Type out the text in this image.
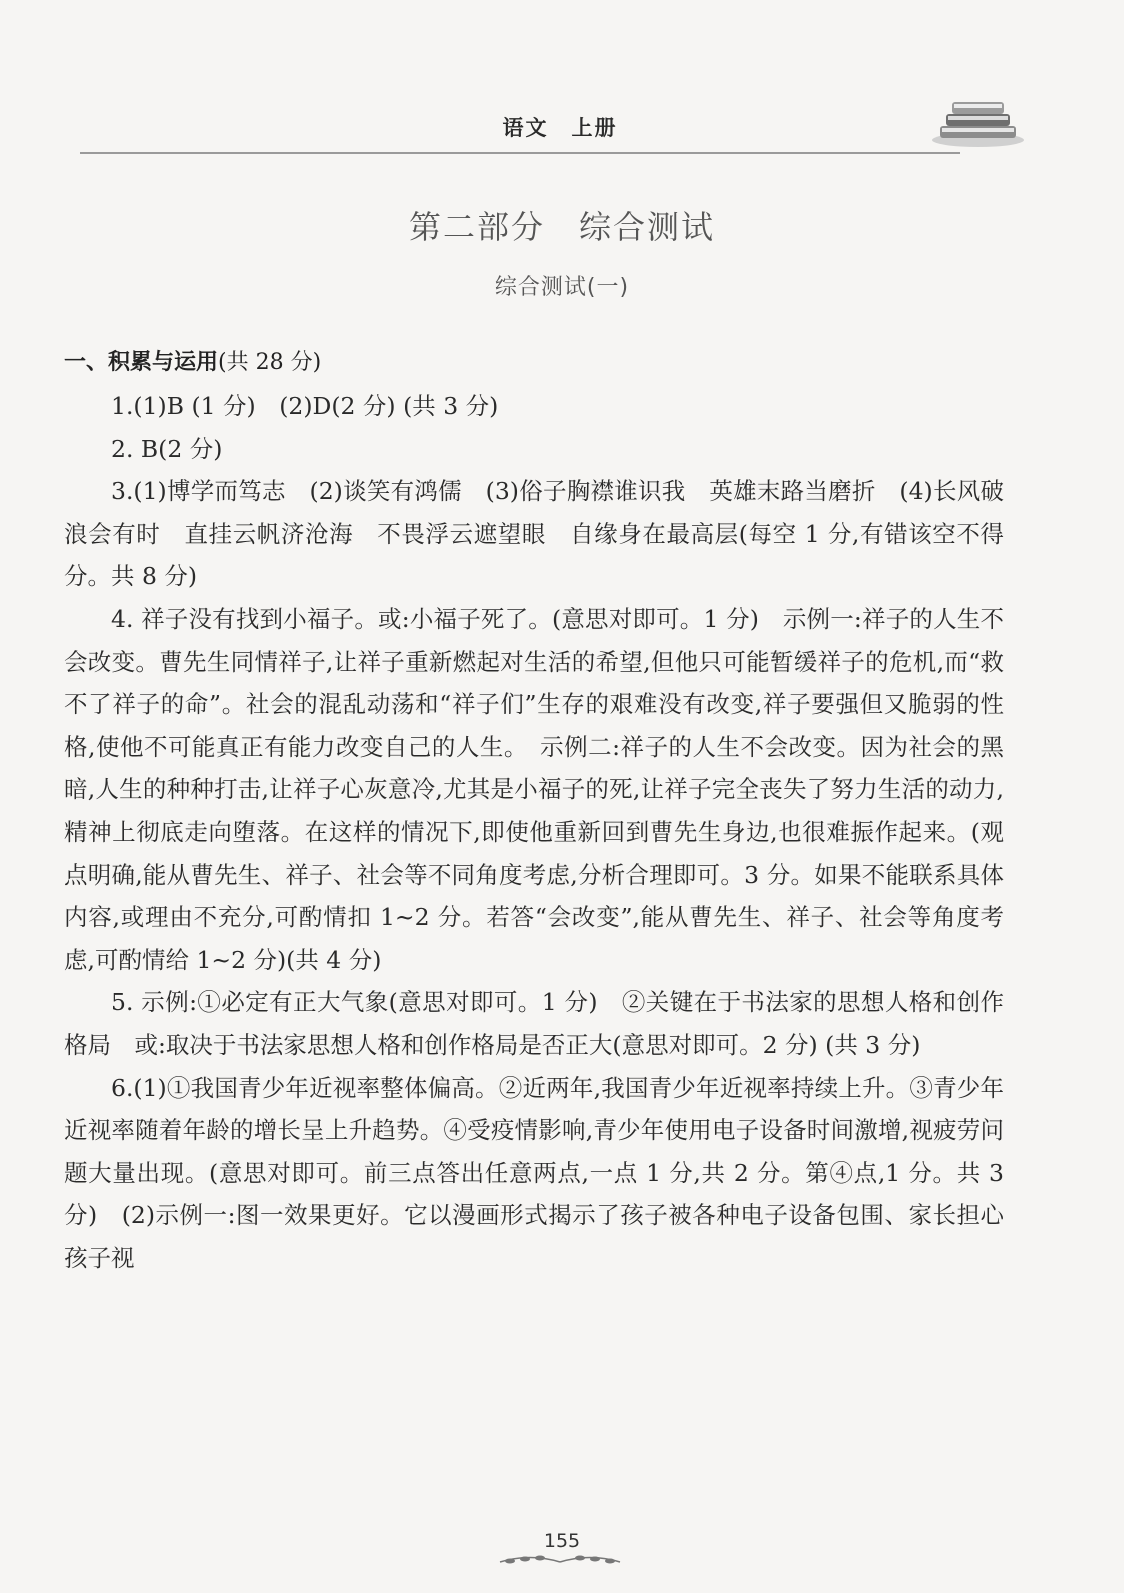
语文　上册
第二部分　综合测试
综合测试(一)
一、积累与运用(共 28 分)

1.(1)B (1 分)　(2)D(2 分) (共 3 分)

2. B(2 分)

3.(1)博学而笃志　(2)谈笑有鸿儒　(3)俗子胸襟谁识我　英雄末路当磨折　(4)长风破浪会有时　直挂云帆济沧海　不畏浮云遮望眼　自缘身在最高层(每空 1 分,有错该空不得分。共 8 分)

4. 祥子没有找到小福子。或:小福子死了。(意思对即可。1 分)　示例一:祥子的人生不会改变。曹先生同情祥子,让祥子重新燃起对生活的希望,但他只可能暂缓祥子的危机,而“救不了祥子的命”。社会的混乱动荡和“祥子们”生存的艰难没有改变,祥子要强但又脆弱的性格,使他不可能真正有能力改变自己的人生。　示例二:祥子的人生不会改变。因为社会的黑暗,人生的种种打击,让祥子心灰意冷,尤其是小福子的死,让祥子完全丧失了努力生活的动力,精神上彻底走向堕落。在这样的情况下,即使他重新回到曹先生身边,也很难振作起来。(观点明确,能从曹先生、祥子、社会等不同角度考虑,分析合理即可。3 分。如果不能联系具体内容,或理由不充分,可酌情扣 1~2 分。若答“会改变”,能从曹先生、祥子、社会等角度考虑,可酌情给 1~2 分)(共 4 分)

5. 示例:①必定有正大气象(意思对即可。1 分)　②关键在于书法家的思想人格和创作格局　或:取决于书法家思想人格和创作格局是否正大(意思对即可。2 分) (共 3 分)

6.(1)①我国青少年近视率整体偏高。②近两年,我国青少年近视率持续上升。③青少年近视率随着年龄的增长呈上升趋势。④受疫情影响,青少年使用电子设备时间激增,视疲劳问题大量出现。(意思对即可。前三点答出任意两点,一点 1 分,共 2 分。第④点,1 分。共 3 分)　(2)示例一:图一效果更好。它以漫画形式揭示了孩子被各种电子设备包围、家长担心孩子视

155
